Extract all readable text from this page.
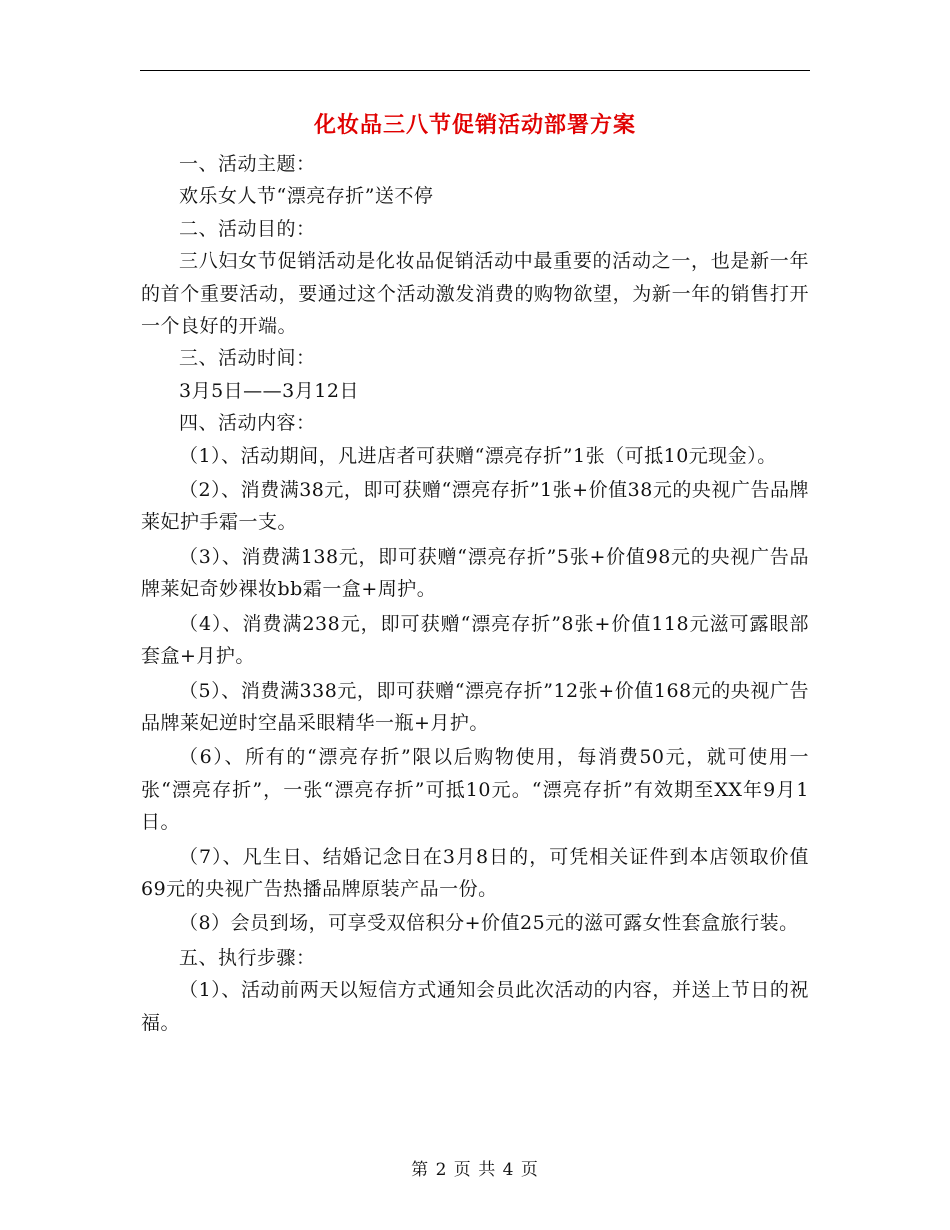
化妆品三八节促销活动部署方案

一、活动主题：

欢乐女人节“漂亮存折”送不停

二、活动目的：

三八妇女节促销活动是化妆品促销活动中最重要的活动之一，也是新一年的首个重要活动，要通过这个活动激发消费的购物欲望，为新一年的销售打开一个良好的开端。

三、活动时间：

3月5日——3月12日

四、活动内容：

（1）、活动期间，凡进店者可获赠“漂亮存折”1张（可抵10元现金）。

（2）、消费满38元，即可获赠“漂亮存折”1张+价值38元的央视广告品牌莱妃护手霜一支。

（3）、消费满138元，即可获赠“漂亮存折”5张+价值98元的央视广告品牌莱妃奇妙裸妆bb霜一盒+周护。

（4）、消费满238元，即可获赠“漂亮存折”8张+价值118元滋可露眼部套盒+月护。

（5）、消费满338元，即可获赠“漂亮存折”12张+价值168元的央视广告品牌莱妃逆时空晶采眼精华一瓶+月护。

（6）、所有的“漂亮存折”限以后购物使用，每消费50元，就可使用一张“漂亮存折”，一张“漂亮存折”可抵10元。“漂亮存折”有效期至XX年9月1日。

（7）、凡生日、结婚记念日在3月8日的，可凭相关证件到本店领取价值69元的央视广告热播品牌原装产品一份。

（8）会员到场，可享受双倍积分+价值25元的滋可露女性套盒旅行装。

五、执行步骤：

（1）、活动前两天以短信方式通知会员此次活动的内容，并送上节日的祝福。

第 2 页 共 4 页
